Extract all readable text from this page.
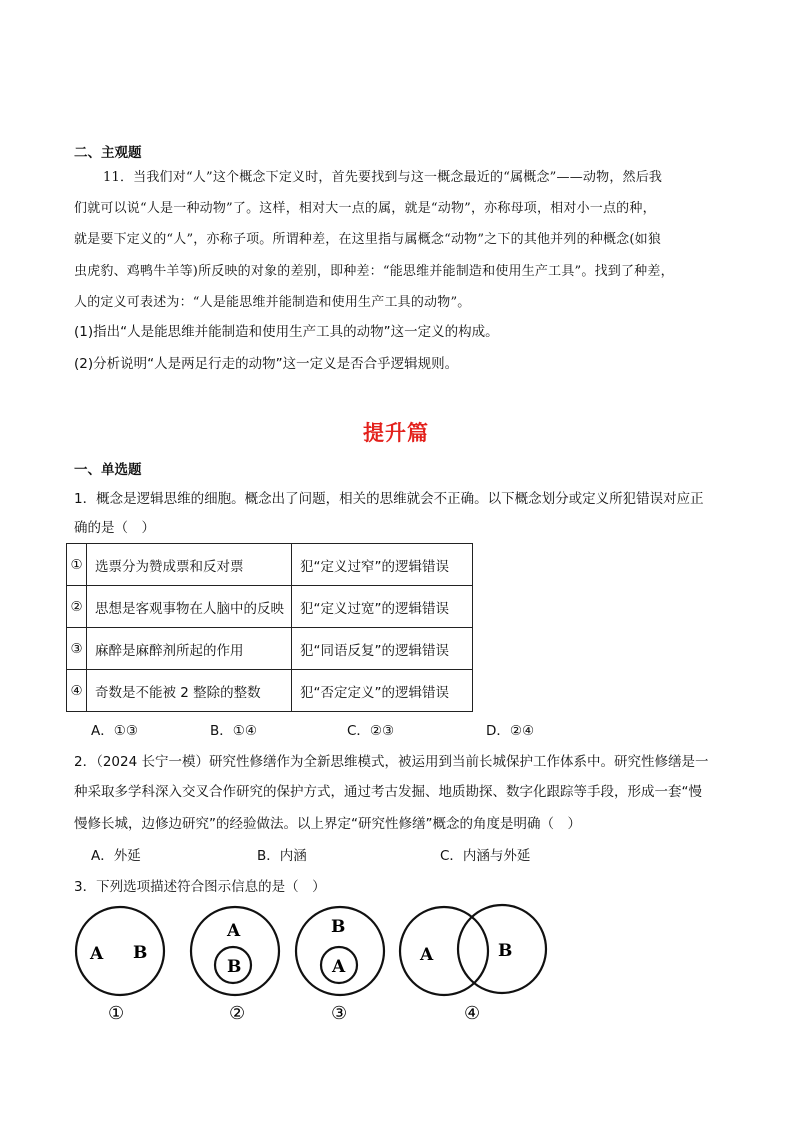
二、主观题
11．当我们对“人”这个概念下定义时，首先要找到与这一概念最近的“属概念”——动物，然后我
们就可以说“人是一种动物”了。这样，相对大一点的属，就是“动物”，亦称母项，相对小一点的种，
就是要下定义的“人”，亦称子项。所谓种差，在这里指与属概念“动物”之下的其他并列的种概念(如狼
虫虎豹、鸡鸭牛羊等)所反映的对象的差别，即种差：“能思维并能制造和使用生产工具”。找到了种差，
人的定义可表述为：“人是能思维并能制造和使用生产工具的动物”。
(1)指出“人是能思维并能制造和使用生产工具的动物”这一定义的构成。
(2)分析说明“人是两足行走的动物”这一定义是否合乎逻辑规则。
提升篇
一、单选题
1．概念是逻辑思维的细胞。概念出了问题，相关的思维就会不正确。以下概念划分或定义所犯错误对应正
确的是（　）
①	选票分为赞成票和反对票	犯“定义过窄”的逻辑错误
②	思想是客观事物在人脑中的反映	犯“定义过宽”的逻辑错误
③	麻醉是麻醉剂所起的作用	犯“同语反复”的逻辑错误
④	奇数是不能被 2 整除的整数	犯“否定定义”的逻辑错误
A．①③	B．①④	C．②③	D．②④
2．（2024 长宁一模）研究性修缮作为全新思维模式，被运用到当前长城保护工作体系中。研究性修缮是一
种采取多学科深入交叉合作研究的保护方式，通过考古发掘、地质勘探、数字化跟踪等手段，形成一套“慢
慢修长城，边修边研究”的经验做法。以上界定“研究性修缮”概念的角度是明确（　）
A．外延	B．内涵	C．内涵与外延
3．下列选项描述符合图示信息的是（　）
A B
①
A
B
②
B
A
③
A	B
④
